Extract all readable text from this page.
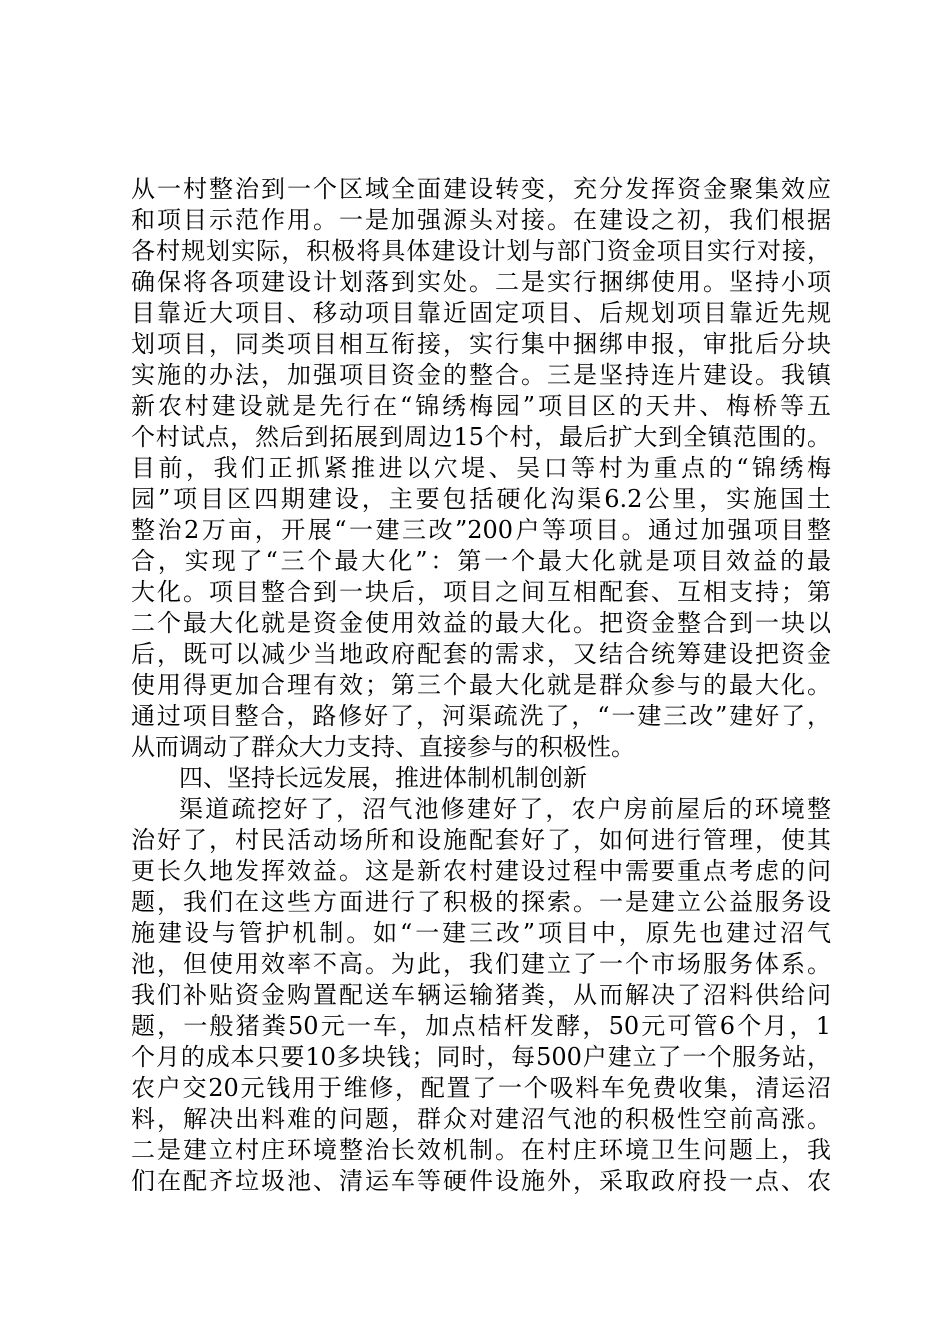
从一村整治到一个区域全面建设转变，充分发挥资金聚集效应
和项目示范作用。一是加强源头对接。在建设之初，我们根据
各村规划实际，积极将具体建设计划与部门资金项目实行对接，
确保将各项建设计划落到实处。二是实行捆绑使用。坚持小项
目靠近大项目、移动项目靠近固定项目、后规划项目靠近先规
划项目，同类项目相互衔接，实行集中捆绑申报，审批后分块
实施的办法，加强项目资金的整合。三是坚持连片建设。我镇
新农村建设就是先行在“锦绣梅园”项目区的天井、梅桥等五
个村试点，然后到拓展到周边15个村，最后扩大到全镇范围的。
目前，我们正抓紧推进以穴堤、吴口等村为重点的“锦绣梅
园”项目区四期建设，主要包括硬化沟渠6.2公里，实施国土
整治2万亩，开展“一建三改”200户等项目。通过加强项目整
合，实现了“三个最大化”：第一个最大化就是项目效益的最
大化。项目整合到一块后，项目之间互相配套、互相支持；第
二个最大化就是资金使用效益的最大化。把资金整合到一块以
后，既可以减少当地政府配套的需求，又结合统筹建设把资金
使用得更加合理有效；第三个最大化就是群众参与的最大化。
通过项目整合，路修好了，河渠疏洗了，“一建三改”建好了，
从而调动了群众大力支持、直接参与的积极性。
四、坚持长远发展，推进体制机制创新
渠道疏挖好了，沼气池修建好了，农户房前屋后的环境整
治好了，村民活动场所和设施配套好了，如何进行管理，使其
更长久地发挥效益。这是新农村建设过程中需要重点考虑的问
题，我们在这些方面进行了积极的探索。一是建立公益服务设
施建设与管护机制。如“一建三改”项目中，原先也建过沼气
池，但使用效率不高。为此，我们建立了一个市场服务体系。
我们补贴资金购置配送车辆运输猪粪，从而解决了沼料供给问
题，一般猪粪50元一车，加点桔杆发酵，50元可管6个月，1
个月的成本只要10多块钱；同时，每500户建立了一个服务站，
农户交20元钱用于维修，配置了一个吸料车免费收集，清运沼
料，解决出料难的问题，群众对建沼气池的积极性空前高涨。
二是建立村庄环境整治长效机制。在村庄环境卫生问题上，我
们在配齐垃圾池、清运车等硬件设施外，采取政府投一点、农
